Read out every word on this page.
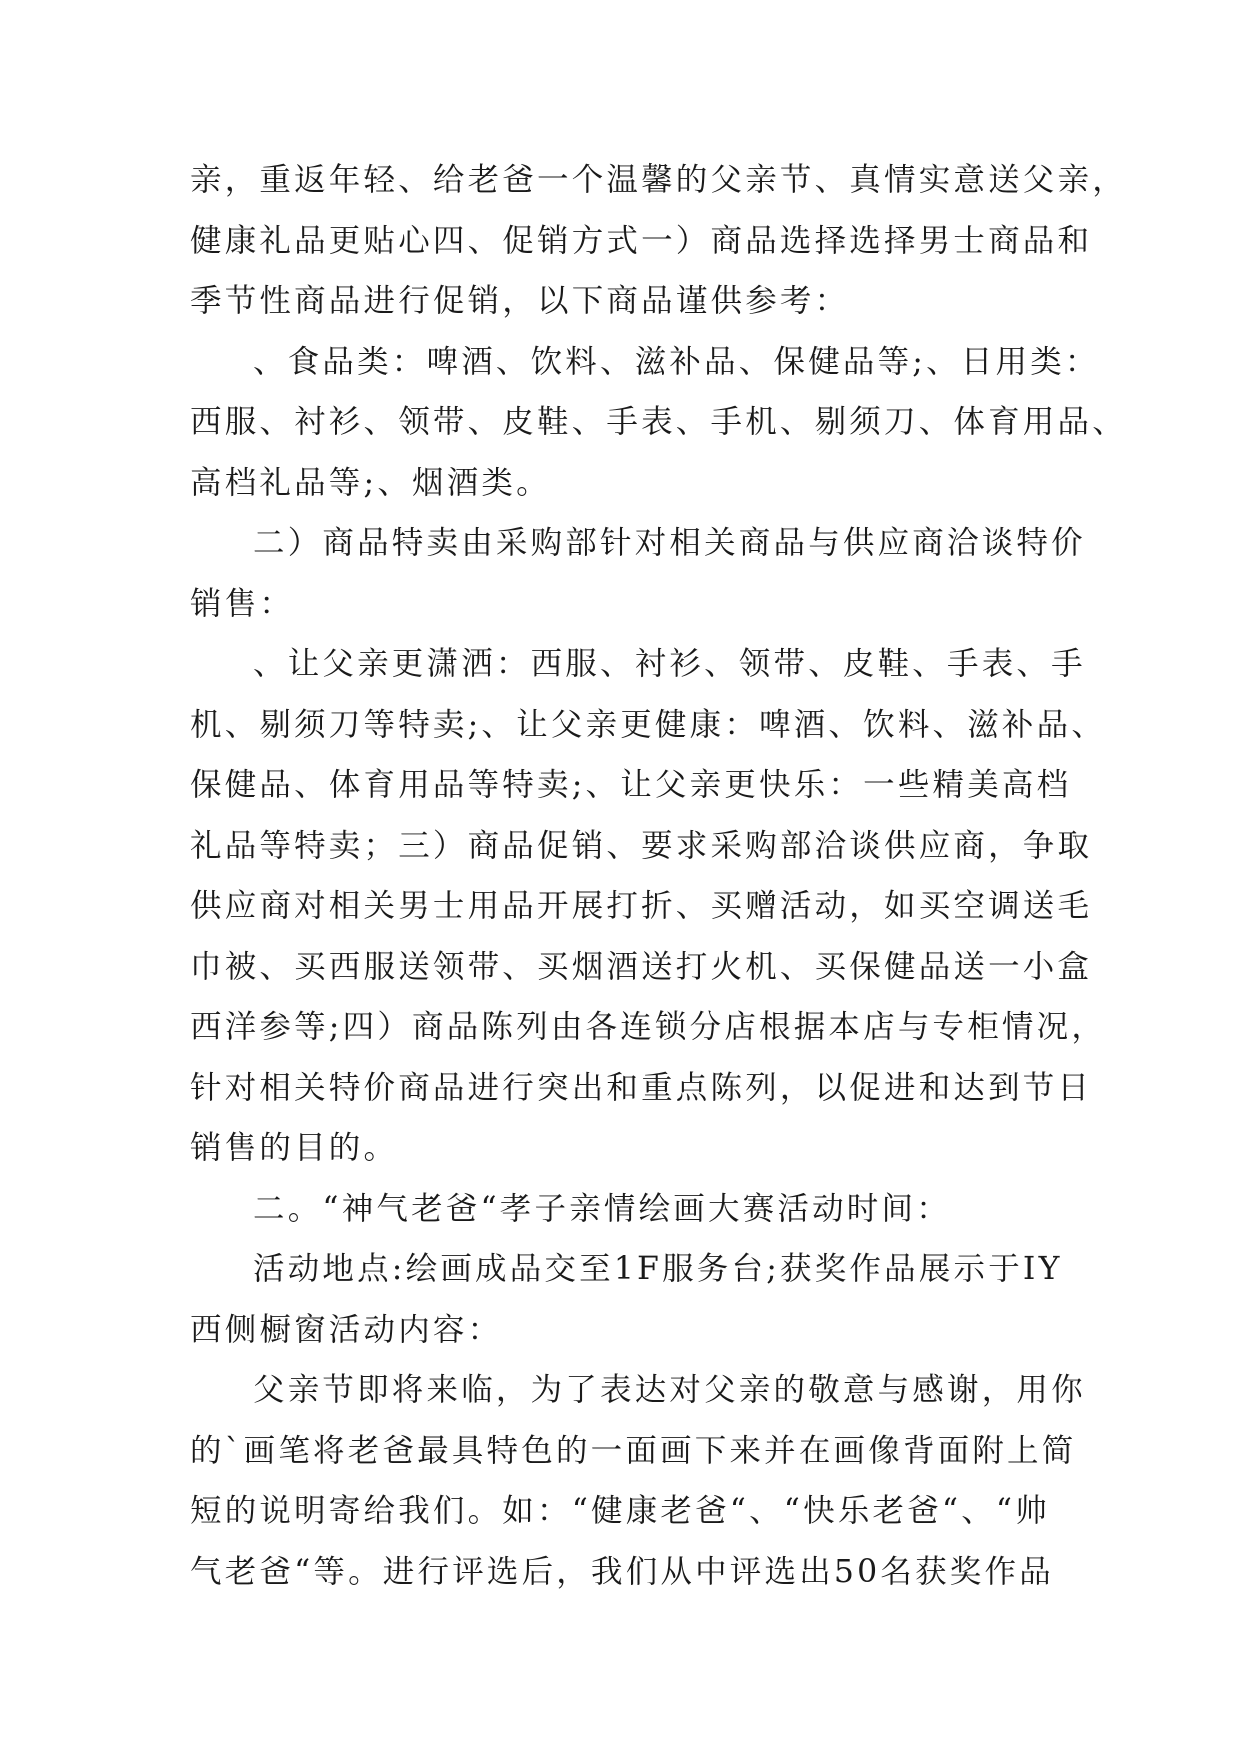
亲，重返年轻、给老爸一个温馨的父亲节、真情实意送父亲，
健康礼品更贴心四、促销方式一）商品选择选择男士商品和
季节性商品进行促销，以下商品谨供参考：

、食品类：啤酒、饮料、滋补品、保健品等;、日用类：
西服、衬衫、领带、皮鞋、手表、手机、剔须刀、体育用品、
高档礼品等;、烟酒类。

二）商品特卖由采购部针对相关商品与供应商洽谈特价
销售：

、让父亲更潇洒：西服、衬衫、领带、皮鞋、手表、手
机、剔须刀等特卖;、让父亲更健康：啤酒、饮料、滋补品、
保健品、体育用品等特卖;、让父亲更快乐：一些精美高档
礼品等特卖；三）商品促销、要求采购部洽谈供应商，争取
供应商对相关男士用品开展打折、买赠活动，如买空调送毛
巾被、买西服送领带、买烟酒送打火机、买保健品送一小盒
西洋参等;四）商品陈列由各连锁分店根据本店与专柜情况，
针对相关特价商品进行突出和重点陈列，以促进和达到节日
销售的目的。

二。“神气老爸“孝子亲情绘画大赛活动时间：

活动地点:绘画成品交至1F服务台;获奖作品展示于IY
西侧橱窗活动内容：

父亲节即将来临，为了表达对父亲的敬意与感谢，用你
的`画笔将老爸最具特色的一面画下来并在画像背面附上简
短的说明寄给我们。如：“健康老爸“、“快乐老爸“、“帅
气老爸“等。进行评选后，我们从中评选出50名获奖作品
